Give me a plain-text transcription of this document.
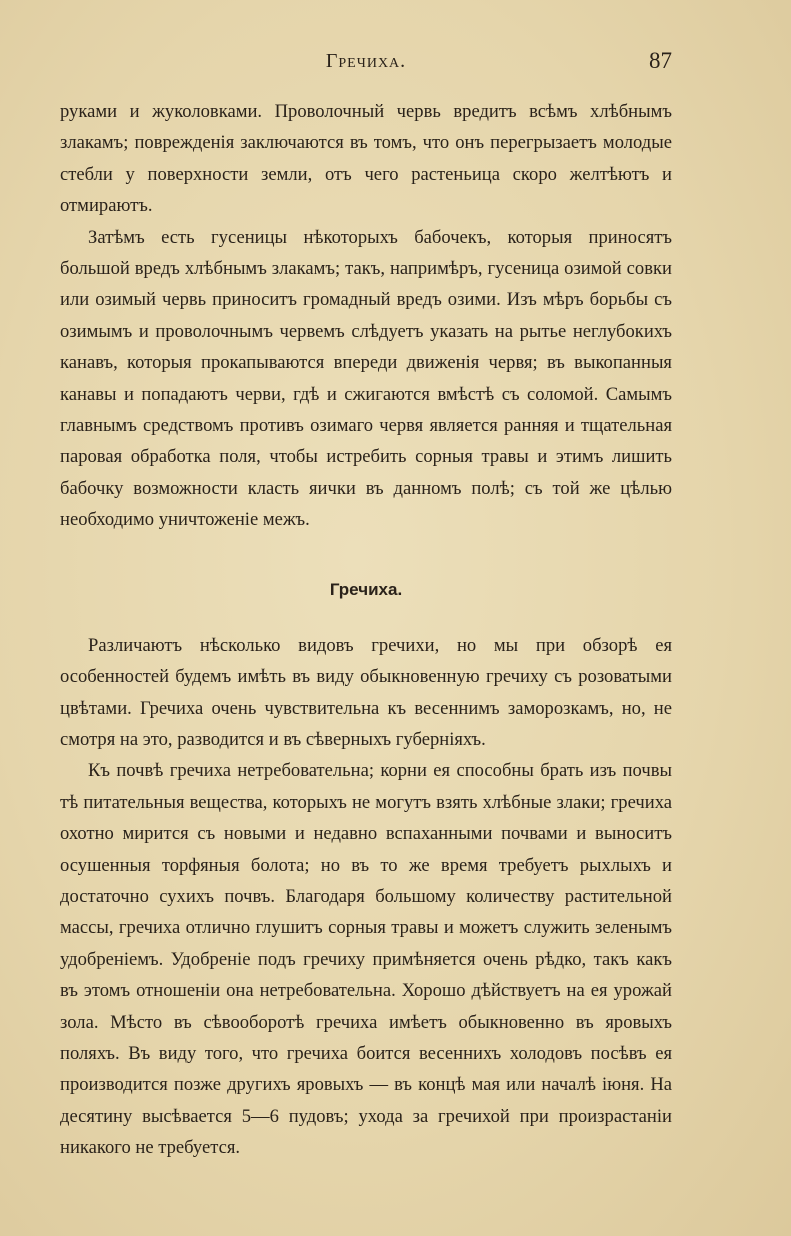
Гречиха.	87

руками и жуколовками. Проволочный червь вредитъ всѣмъ хлѣбнымъ злакамъ; поврежденія заключаются въ томъ, что онъ перегрызаетъ молодые стебли у поверхности земли, отъ чего растеньица скоро желтѣютъ и отмираютъ.

Затѣмъ есть гусеницы нѣкоторыхъ бабочекъ, которыя приносятъ большой вредъ хлѣбнымъ злакамъ; такъ, напримѣръ, гусеница озимой совки или озимый червь приноситъ громадный вредъ озими. Изъ мѣръ борьбы съ озимымъ и проволочнымъ червемъ слѣдуетъ указать на рытье неглубокихъ канавъ, которыя прокапываются впереди движенія червя; въ выкопанныя канавы и попадаютъ черви, гдѣ и сжигаются вмѣстѣ съ соломой. Самымъ главнымъ средствомъ противъ озимаго червя является ранняя и тщательная паровая обработка поля, чтобы истребить сорныя травы и этимъ лишить бабочку возможности класть яички въ данномъ полѣ; съ той же цѣлью необходимо уничтоженіе межъ.

Гречиха.

Различаютъ нѣсколько видовъ гречихи, но мы при обзорѣ ея особенностей будемъ имѣть въ виду обыкновенную гречиху съ розоватыми цвѣтами. Гречиха очень чувствительна къ весеннимъ заморозкамъ, но, не смотря на это, разводится и въ сѣверныхъ губерніяхъ.

Къ почвѣ гречиха нетребовательна; корни ея способны брать изъ почвы тѣ питательныя вещества, которыхъ не могутъ взять хлѣбные злаки; гречиха охотно мирится съ новыми и недавно вспаханными почвами и выноситъ осушенныя торфяныя болота; но въ то же время требуетъ рыхлыхъ и достаточно сухихъ почвъ. Благодаря большому количеству растительной массы, гречиха отлично глушитъ сорныя травы и можетъ служить зеленымъ удобреніемъ. Удобреніе подъ гречиху примѣняется очень рѣдко, такъ какъ въ этомъ отношеніи она нетребовательна. Хорошо дѣйствуетъ на ея урожай зола. Мѣсто въ сѣвооборотѣ гречиха имѣетъ обыкновенно въ яровыхъ поляхъ. Въ виду того, что гречиха боится весеннихъ холодовъ посѣвъ ея производится позже другихъ яровыхъ — въ концѣ мая или началѣ іюня. На десятину высѣвается 5—6 пудовъ; ухода за гречихой при произрастаніи никакого не требуется.
